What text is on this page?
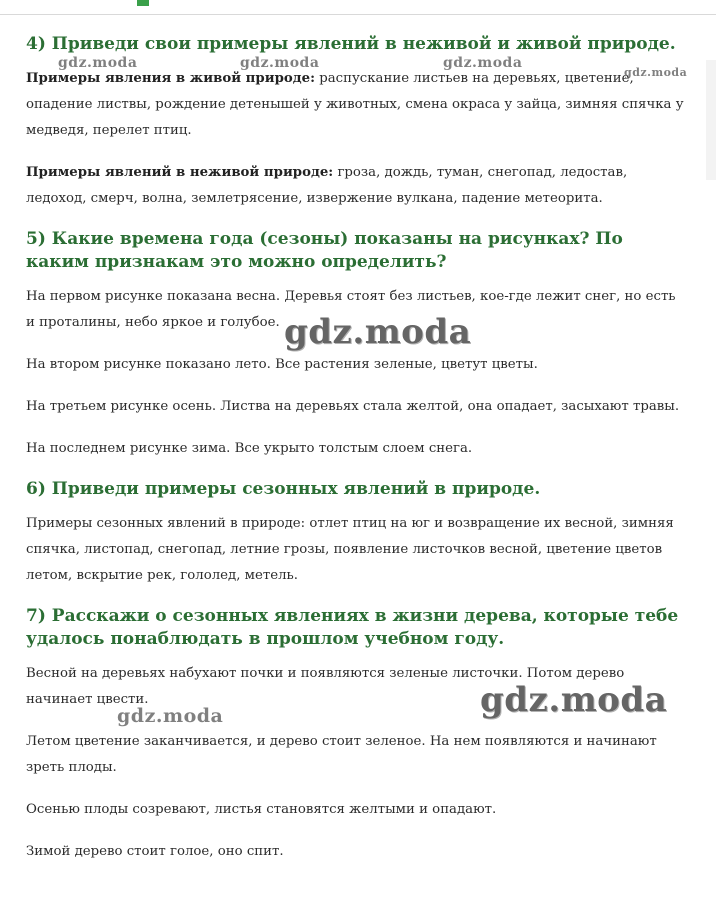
4) Приведи свои примеры явлений в неживой и живой природе.

Примеры явления в живой природе: распускание листьев на деревьях, цветение, опадение листвы, рождение детенышей у животных, смена окраса у зайца, зимняя спячка у медведя, перелет птиц.

Примеры явлений в неживой природе: гроза, дождь, туман, снегопад, ледостав, ледоход, смерч, волна, землетрясение, извержение вулкана, падение метеорита.

5) Какие времена года (сезоны) показаны на рисунках? По каким признакам это можно определить?

На первом рисунке показана весна. Деревья стоят без листьев, кое-где лежит снег, но есть и проталины, небо яркое и голубое.

На втором рисунке показано лето. Все растения зеленые, цветут цветы.

На третьем рисунке осень. Листва на деревьях стала желтой, она опадает, засыхают травы.

На последнем рисунке зима. Все укрыто толстым слоем снега.

6) Приведи примеры сезонных явлений в природе.

Примеры сезонных явлений в природе: отлет птиц на юг и возвращение их весной, зимняя спячка, листопад, снегопад, летние грозы, появление листочков весной, цветение цветов летом, вскрытие рек, гололед, метель.

7) Расскажи о сезонных явлениях в жизни дерева, которые тебе удалось понаблюдать в прошлом учебном году.

Весной на деревьях набухают почки и появляются зеленые листочки. Потом дерево начинает цвести.

Летом цветение заканчивается, и дерево стоит зеленое. На нем появляются и начинают зреть плоды.

Осенью плоды созревают, листья становятся желтыми и опадают.

Зимой дерево стоит голое, оно спит.

gdz.moda	gdz.moda	gdz.moda
gdz.moda
gdz.moda
gdz.moda
gdz.moda
